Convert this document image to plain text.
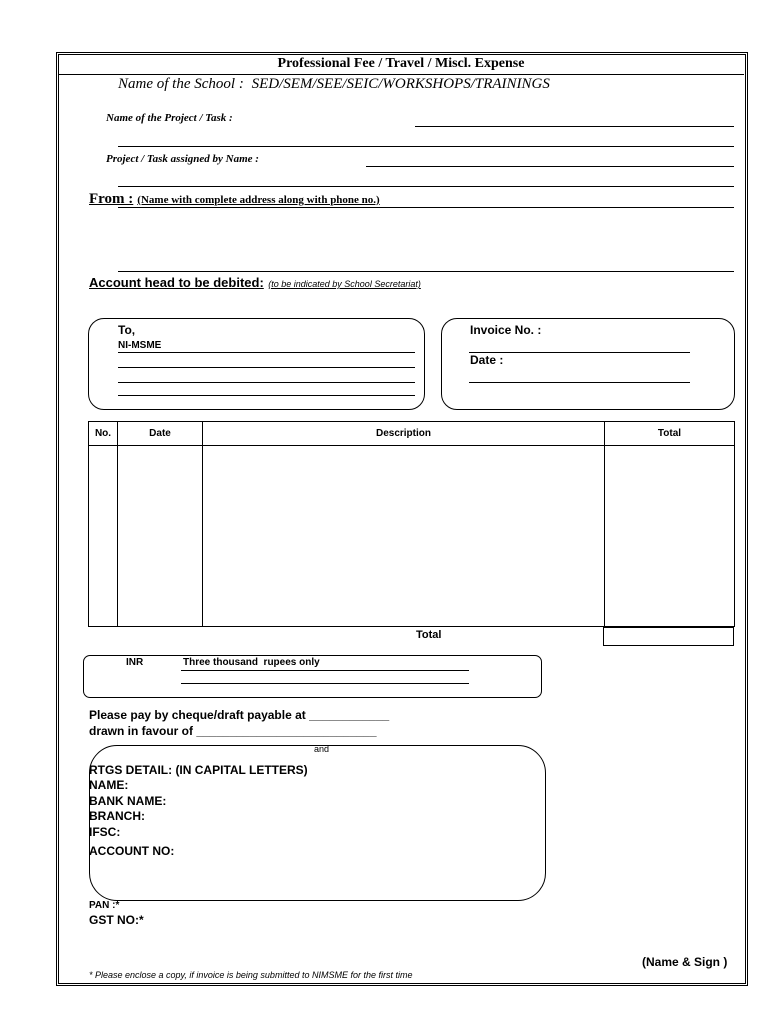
Professional Fee / Travel / Miscl. Expense
Name of the School : SED/SEM/SEE/SEIC/WORKSHOPS/TRAININGS
Name of the Project / Task :
Project / Task assigned by Name :
From : (Name with complete address along with phone no.)
Account head to be debited: (to be indicated by School Secretariat)
To,
NI-MSME
Invoice No. :
Date :
No.	Date	Description	Total

Total
INR	Three thousand  rupees only
Please pay by cheque/draft payable at ____________
drawn in favour of ___________________________
and
RTGS DETAIL: (IN CAPITAL LETTERS)
NAME:
BANK NAME:
BRANCH:
IFSC:
ACCOUNT NO:
PAN :*
GST NO:*
(Name & Sign )
* Please enclose a copy, if invoice is being submitted to NIMSME for the first time
